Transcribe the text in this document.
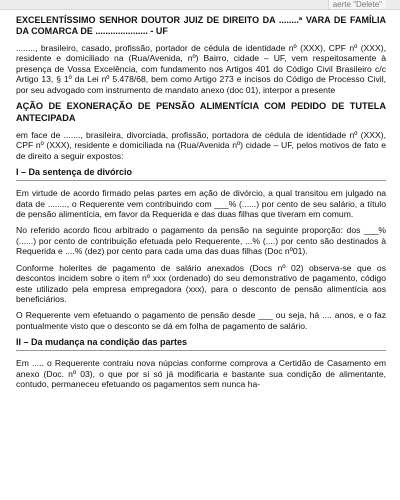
aerte "Delete"

EXCELENTÍSSIMO SENHOR DOUTOR JUIZ DE DIREITO DA ........ª VARA DE FAMÍLIA DA COMARCA DE ..................... - UF

........, brasileiro, casado, profissão, portador de cédula de identidade nº (XXX), CPF nº (XXX), residente e domiciliado na (Rua/Avenida, nº) Bairro, cidade – UF, vem respeitosamente à presença de Vossa Excelência, com fundamento nos Artigos 401 do Código Civil Brasileiro c/c Artigo 13, § 1º da Lei nº 5.478/68, bem como Artigo 273 e incisos do Código de Processo Civil, por seu advogado com instrumento de mandato anexo (doc 01), interpor a presente

AÇÃO DE EXONERAÇÃO DE PENSÃO ALIMENTÍCIA COM PEDIDO DE TUTELA ANTECIPADA

em face de ......., brasileira, divorciada, profissão, portadora de cédula de identidade nº (XXX), CPF nº (XXX), residente e domiciliada na (Rua/Avenida nº) cidade – UF, pelos motivos de fato e de direito a seguir expostos:

I – Da sentença de divórcio

Em virtude de acordo firmado pelas partes em ação de divórcio, a qual transitou em julgado na data de ........, o Requerente vem contribuindo com ___% (......) por cento de seu salário, a título de pensão alimentícia, em favor da Requerida e das duas filhas que tiveram em comum.

No referido acordo ficou arbitrado o pagamento da pensão na seguinte proporção: dos ___% (......) por cento de contribuição efetuada pelo Requerente, ...% (....) por cento são destinados à Requerida e ....% (dez) por cento para cada uma das duas filhas (Doc nº01).

Conforme holerites de pagamento de salário anexados (Docs nº 02) observa-se que os descontos incidem sobre o item nº xxx (ordenado) do seu demonstrativo de pagamento, código este utilizado pela empresa empregadora (xxx), para o desconto de pensão alimentícia aos beneficiários.

O Requerente vem efetuando o pagamento de pensão desde ___ ou seja, há .... anos, e o faz pontualmente visto que o desconto se dá em folha de pagamento de salário.

II – Da mudança na condição das partes

Em ..... o Requerente contraiu nova núpcias conforme comprova a Certidão de Casamento em anexo (Doc. nº 03), o que por si só já modificaria e bastante sua condição de alimentante, contudo, permaneceu efetuando os pagamentos sem nunca ha-
